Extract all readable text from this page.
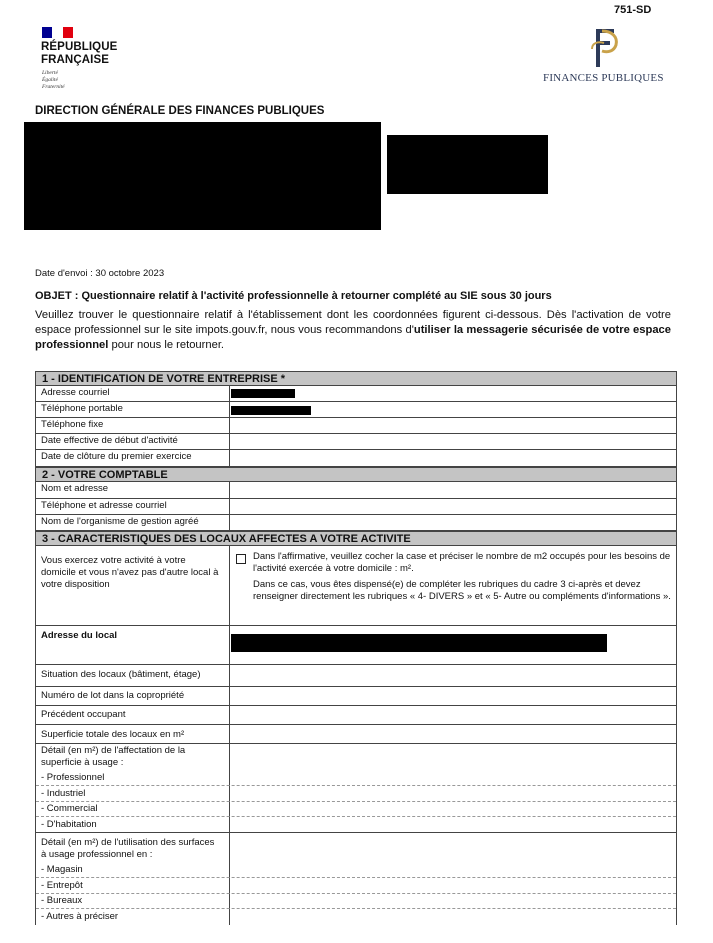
751-SD
RÉPUBLIQUE
FRANÇAISE
Liberté
Égalité
Fraternité
FINANCES PUBLIQUES
DIRECTION GÉNÉRALE DES FINANCES PUBLIQUES
Date d'envoi : 30 octobre 2023
OBJET : Questionnaire relatif à l'activité professionnelle à retourner complété au SIE sous 30 jours
Veuillez trouver le questionnaire relatif à l'établissement dont les coordonnées figurent ci-dessous. Dès l'activation de votre espace professionnel sur le site impots.gouv.fr, nous vous recommandons d'utiliser la messagerie sécurisée de votre espace professionnel pour nous le retourner.
1 - IDENTIFICATION DE VOTRE ENTREPRISE *
Adresse courriel
Téléphone portable
Téléphone fixe
Date effective de début d'activité
Date de clôture du premier exercice
2 - VOTRE COMPTABLE
Nom et adresse
Téléphone et adresse courriel
Nom de l'organisme de gestion agréé
3 - CARACTERISTIQUES DES LOCAUX AFFECTES A VOTRE ACTIVITE
Vous exercez votre activité à votre domicile et vous n'avez pas d'autre local à votre disposition
Dans l'affirmative, veuillez cocher la case et préciser le nombre de m2 occupés pour les besoins de l'activité exercée à votre domicile : m².
Dans ce cas, vous êtes dispensé(e) de compléter les rubriques du cadre 3 ci-après et devez renseigner directement les rubriques « 4- DIVERS » et « 5- Autre ou compléments d'informations ».
Adresse du local
Situation des locaux (bâtiment, étage)
Numéro de lot dans la copropriété
Précédent occupant
Superficie totale des locaux en m²
Détail (en m²) de l'affectation de la superficie à usage :
- Professionnel
- Industriel
- Commercial
- D'habitation
Détail (en m²) de l'utilisation des surfaces à usage professionnel en :
- Magasin
- Entrepôt
- Bureaux
- Autres à préciser
